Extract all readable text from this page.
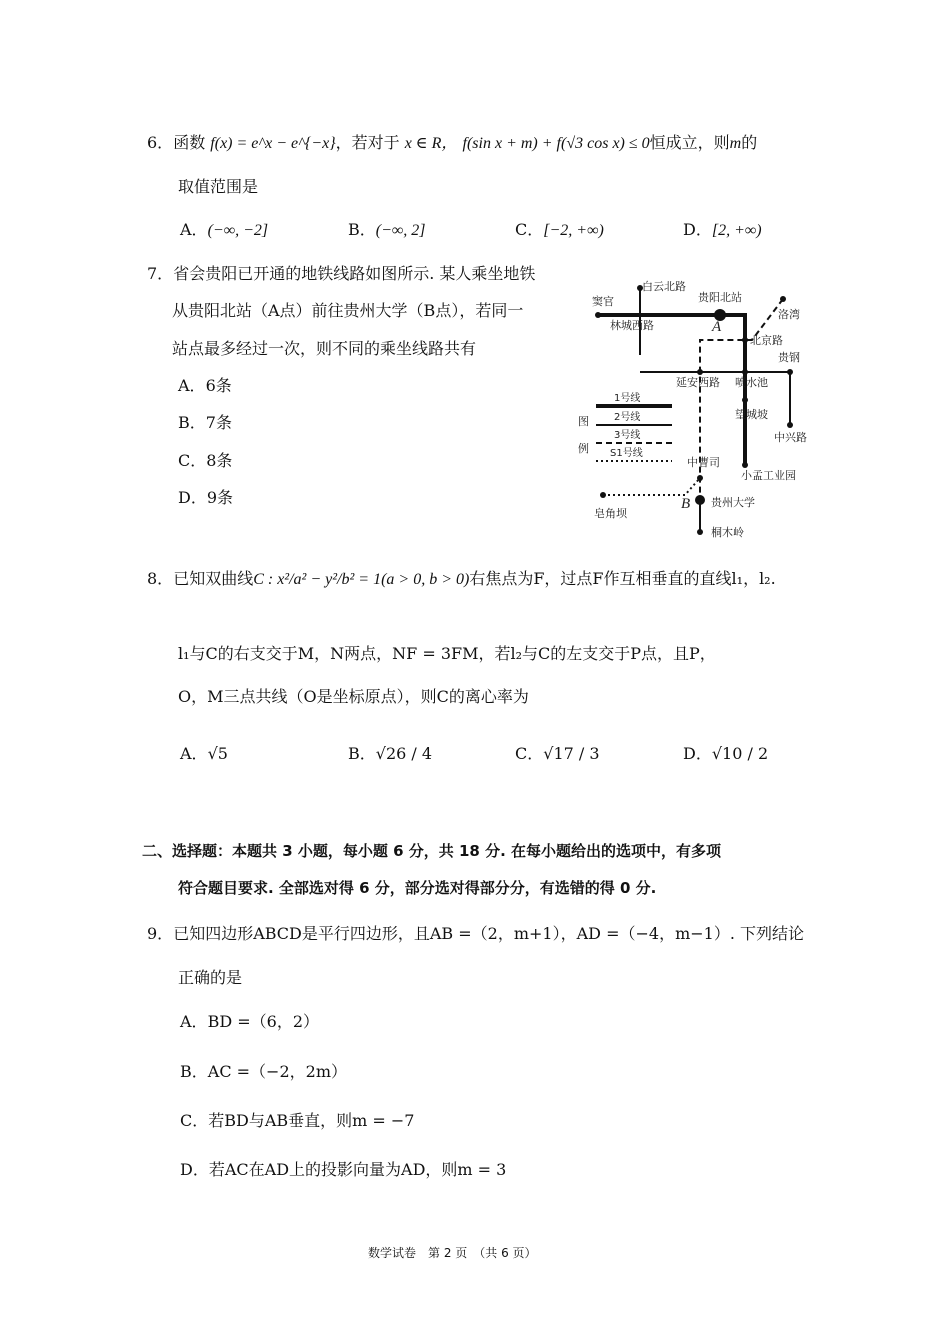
6．函数 f(x) = e^x − e^{−x}，若对于 x ∈ R， f(sin x + m) + f(√3 cos x) ≤ 0恒成立，则m的
取值范围是
A．(−∞, −2]	B．(−∞, 2]	C．[−2, +∞)	D．[2, +∞)
7．省会贵阳已开通的地铁线路如图所示. 某人乘坐地铁
从贵阳北站（A点）前往贵州大学（B点），若同一
站点最多经过一次，则不同的乘坐线路共有
A．6条
B．7条
C．8条
D．9条
白云北路
窦官	贵阳北站
洛湾
林城西路
北京路
贵钢
延安西路 喷水池
望城坡
中兴路
中曹司
小孟工业园
贵州大学
皂角坝
桐木岭
A
B
图
例
1号线
2号线
3号线
S1号线
8．已知双曲线C : x²/a² − y²/b² = 1(a > 0, b > 0)右焦点为F，过点F作互相垂直的直线l₁，l₂.
l₁与C的右支交于M，N两点，NF = 3FM，若l₂与C的左支交于P点，且P，
O，M三点共线（O是坐标原点），则C的离心率为
A．√5	B．√26 / 4	C．√17 / 3	D．√10 / 2
二、选择题：本题共 3 小题，每小题 6 分，共 18 分. 在每小题给出的选项中，有多项
符合题目要求. 全部选对得 6 分，部分选对得部分分，有选错的得 0 分.
9．已知四边形ABCD是平行四边形，且AB =（2，m+1），AD =（−4，m−1）. 下列结论
正确的是
A．BD =（6，2）
B．AC =（−2，2m）
C．若BD与AB垂直，则m = −7
D．若AC在AD上的投影向量为AD，则m = 3
数学试卷　第 2 页　（共 6 页）
